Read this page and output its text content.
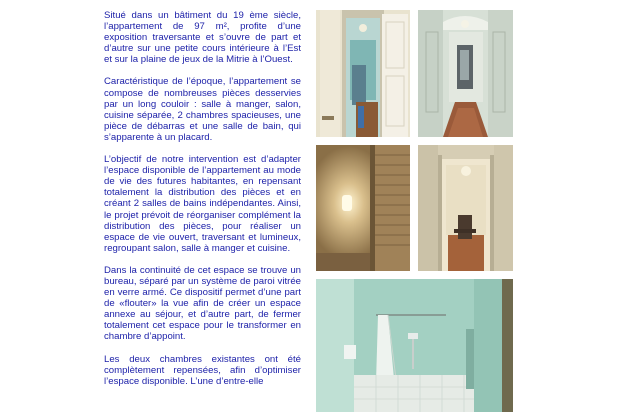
Situé dans un bâtiment du 19 ème siècle, l’appartement de 97 m², profite d’une exposition traversante et s’ouvre de part et d’autre sur une petite cours intérieure à l’Est et sur la plaine de jeux de la Mitrie à l’Ouest.

Caractéristique de l’époque, l’appartement se compose de nombreuses pièces desservies par un long couloir : salle à manger, salon, cuisine séparée, 2 chambres spacieuses, une pièce de débarras et une salle de bain, qui s’apparente à un placard.

L’objectif de notre intervention est d’adapter l’espace disponible de l’appartement au mode de vie des futures habitantes, en repensant totalement la distribution des pièces et en créant 2 salles de bains indépendantes. Ainsi, le projet prévoit de réorganiser complément la distribution des pièces, pour réaliser un espace de vie ouvert, traversant et lumineux, regroupant salon, salle à manger et cuisine.

Dans la continuité de cet espace se trouve un bureau, séparé par un système de paroi vitrée en verre armé. Ce dispositif permet d’une part de «flouter» la vue afin de créer un espace annexe au séjour, et d’autre part, de fermer totalement cet espace pour le transformer en chambre d’appoint.

Les deux chambres existantes ont été complètement repensées, afin d’optimiser l’espace disponible. L’une d’entre-elle
